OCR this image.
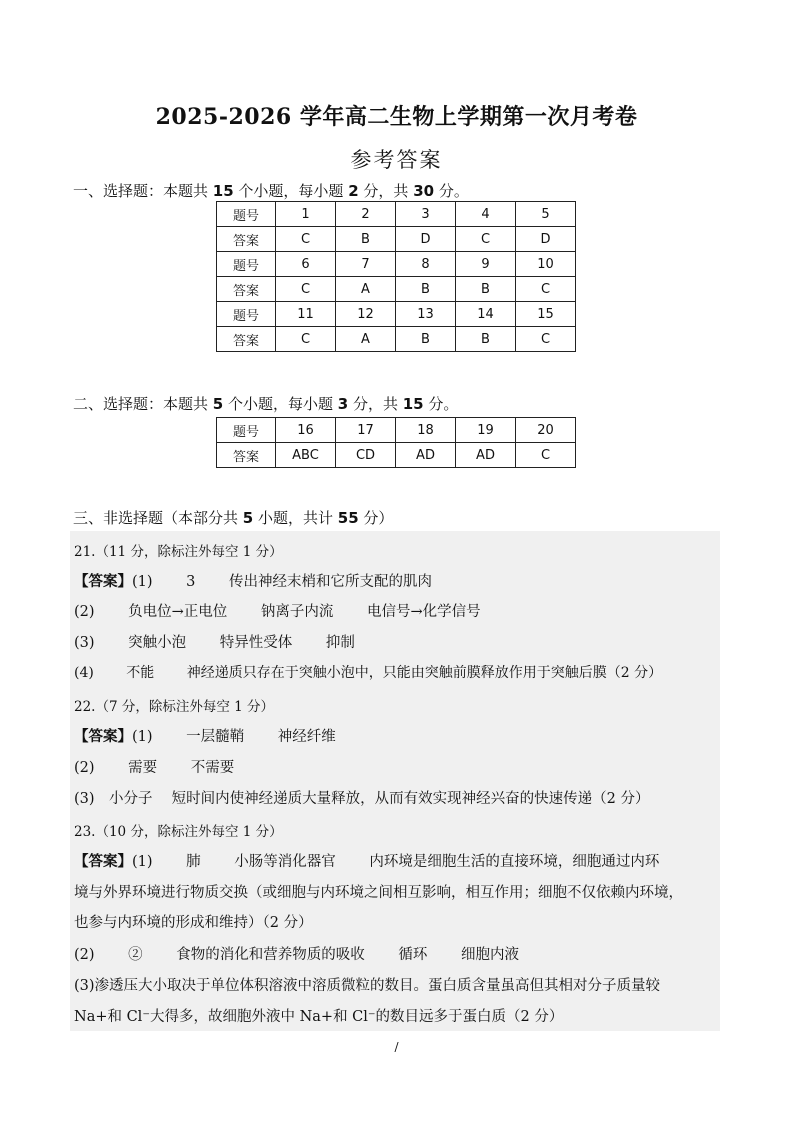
2025-2026 学年高二生物上学期第一次月考卷
参考答案
一、选择题：本题共 15 个小题，每小题 2 分，共 30 分。
题号	1	2	3	4	5
答案	C	B	D	C	D
题号	6	7	8	9	10
答案	C	A	B	B	C
题号	11	12	13	14	15
答案	C	A	B	B	C
二、选择题：本题共 5 个小题，每小题 3 分，共 15 分。
题号	16	17	18	19	20
答案	ABC	CD	AD	AD	C
三、非选择题（本部分共 5 小题，共计 55 分）
21.（11 分，除标注外每空 1 分）
【答案】(1)　　 3　　 传出神经末梢和它所支配的肌肉
(2)　　 负电位→正电位　　 钠离子内流　　 电信号→化学信号
(3)　　 突触小泡　　 特异性受体　　 抑制
(4)　　 不能　　 神经递质只存在于突触小泡中，只能由突触前膜释放作用于突触后膜（2 分）
22.（7 分，除标注外每空 1 分）
【答案】(1)　　 一层髓鞘　　 神经纤维
(2)　　 需要　　 不需要
(3)　小分子　 短时间内使神经递质大量释放，从而有效实现神经兴奋的快速传递（2 分）
23.（10 分，除标注外每空 1 分）
【答案】(1)　　 肺　　 小肠等消化器官　　 内环境是细胞生活的直接环境，细胞通过内环
境与外界环境进行物质交换（或细胞与内环境之间相互影响，相互作用；细胞不仅依赖内环境，
也参与内环境的形成和维持）（2 分）
(2)　　 ②　　 食物的消化和营养物质的吸收　　 循环　　 细胞内液
(3)渗透压大小取决于单位体积溶液中溶质微粒的数目。蛋白质含量虽高但其相对分子质量较
Na+和 Cl⁻大得多，故细胞外液中 Na+和 Cl⁻的数目远多于蛋白质（2 分）
/
